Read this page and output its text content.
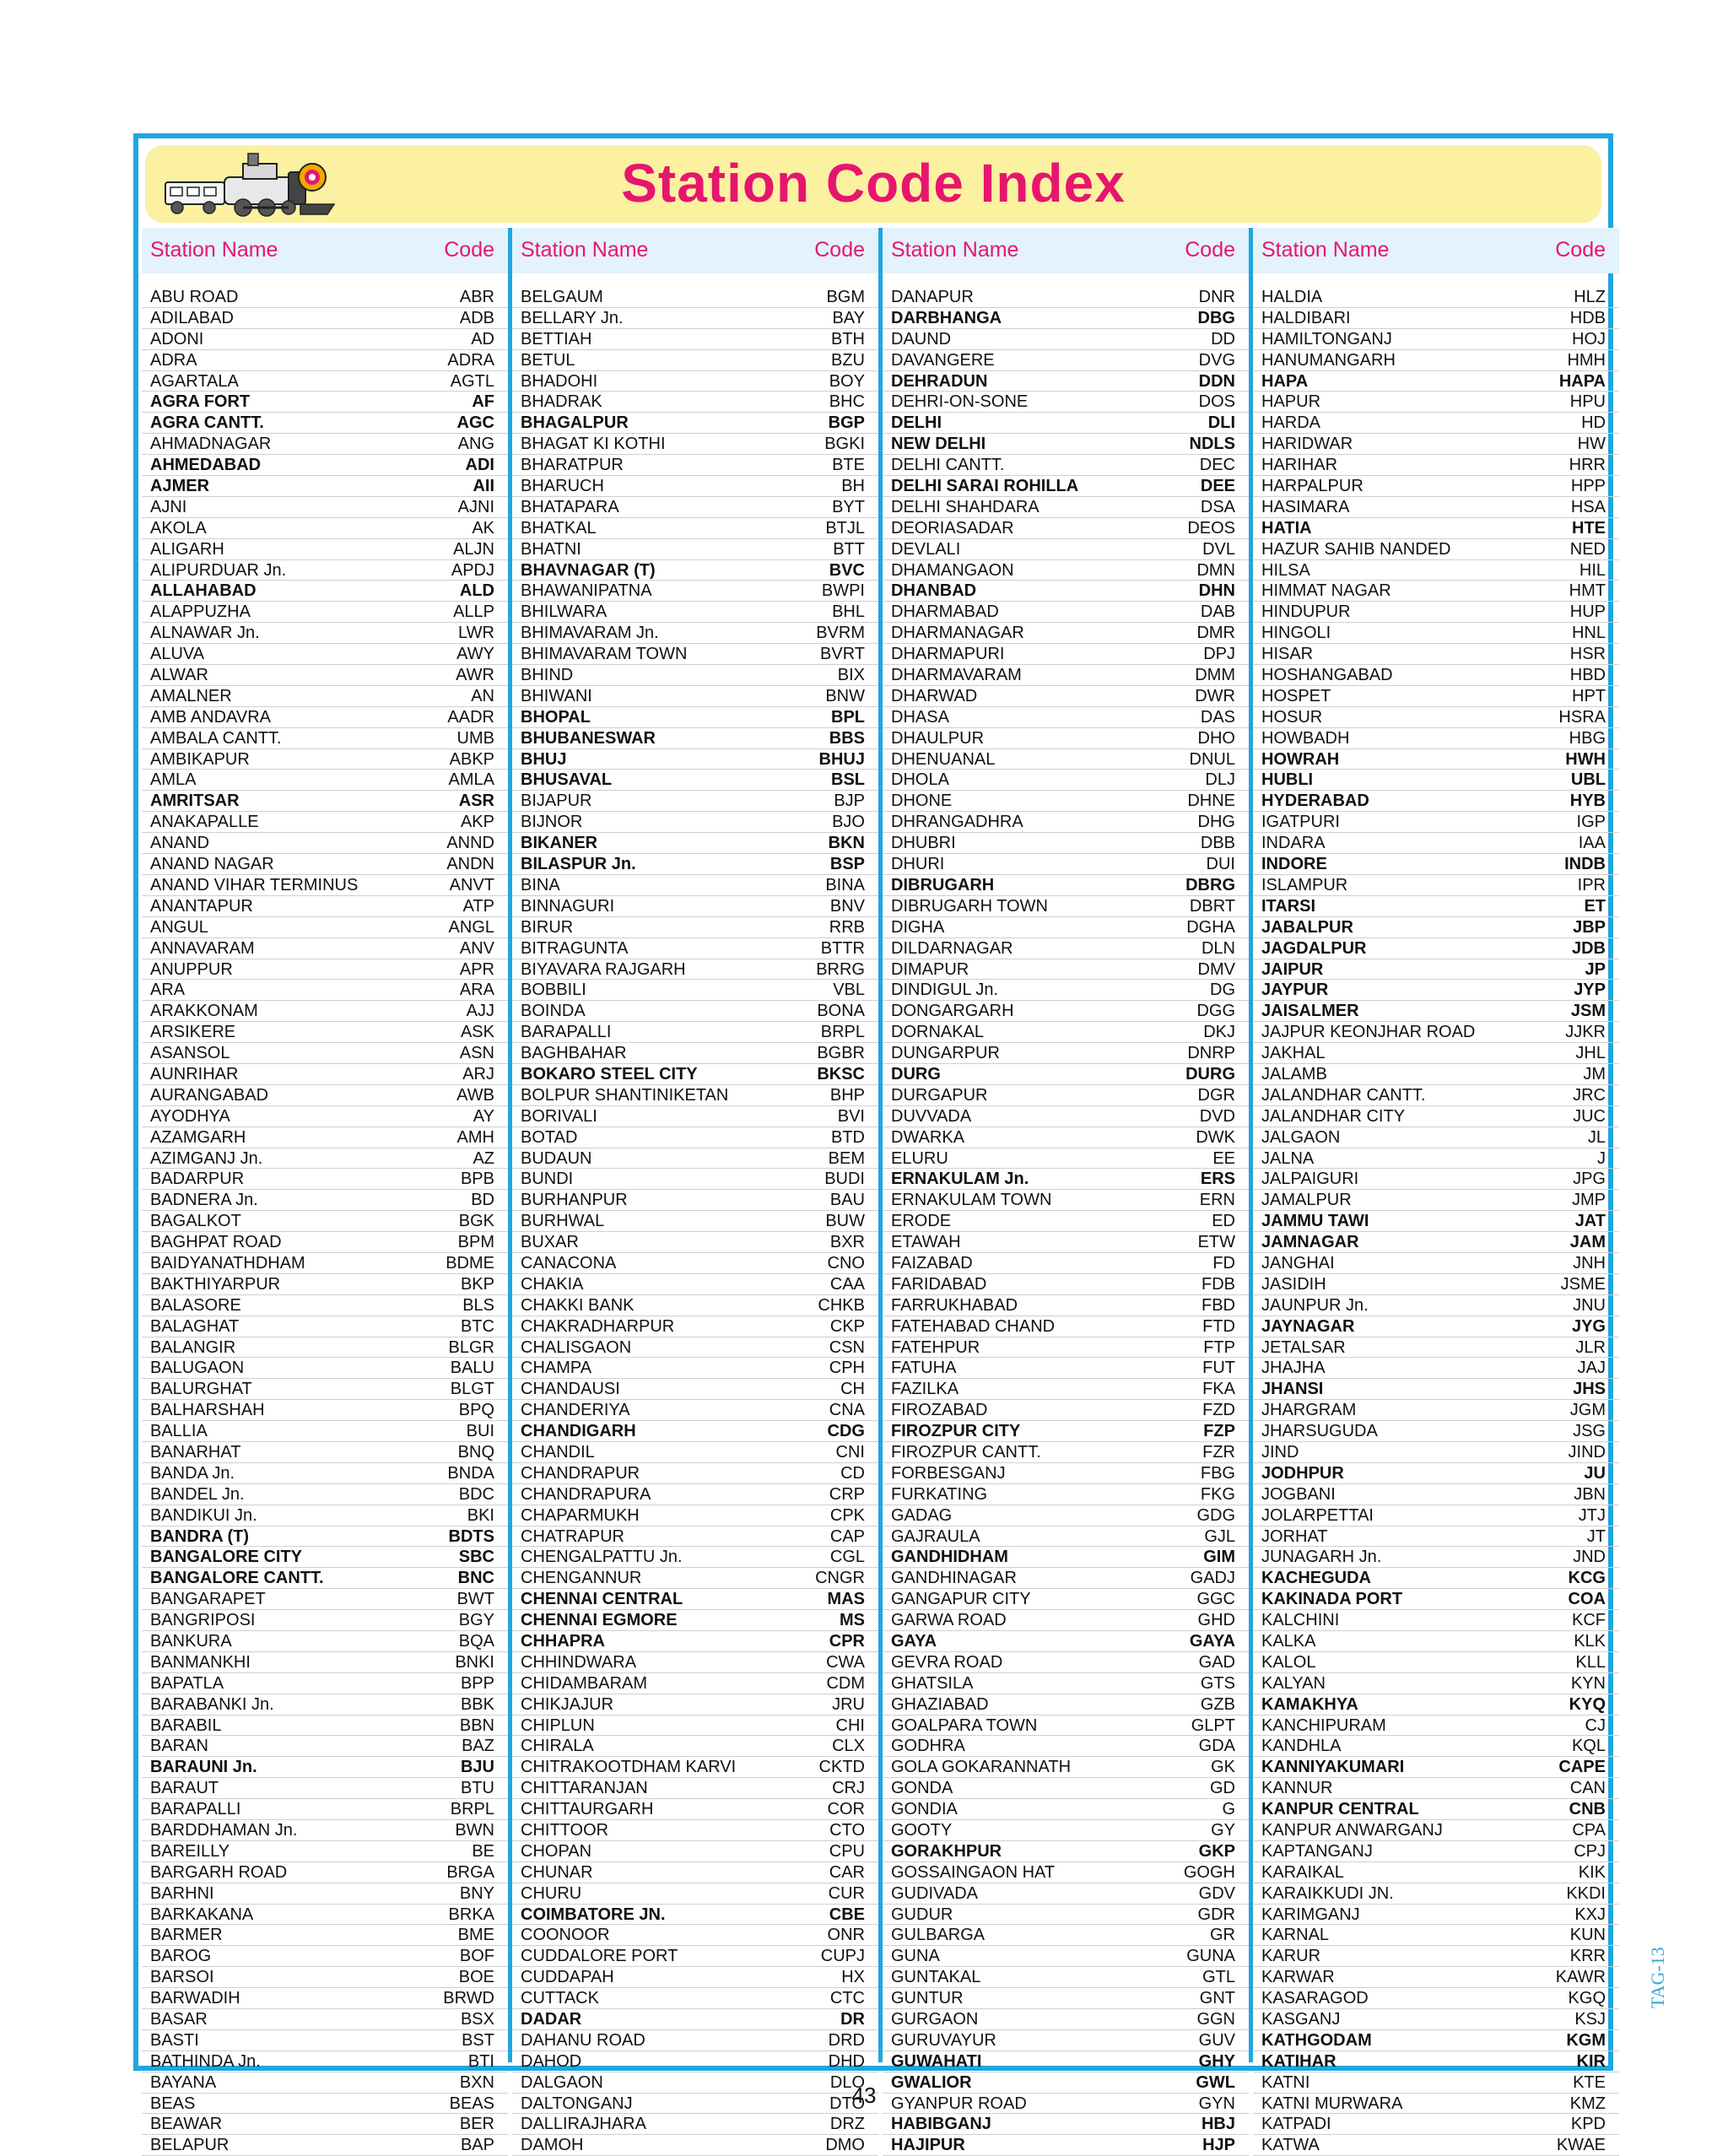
Station Code Index
Station Name	Code
ABU ROAD	ABR
ADILABAD	ADB
ADONI	AD
ADRA	ADRA
AGARTALA	AGTL
AGRA FORT	AF
AGRA CANTT.	AGC
AHMADNAGAR	ANG
AHMEDABAD	ADI
AJMER	AII
AJNI	AJNI
AKOLA	AK
ALIGARH	ALJN
ALIPURDUAR Jn.	APDJ
ALLAHABAD	ALD
ALAPPUZHA	ALLP
ALNAWAR Jn.	LWR
ALUVA	AWY
ALWAR	AWR
AMALNER	AN
AMB ANDAVRA	AADR
AMBALA CANTT.	UMB
AMBIKAPUR	ABKP
AMLA	AMLA
AMRITSAR	ASR
ANAKAPALLE	AKP
ANAND	ANND
ANAND NAGAR	ANDN
ANAND VIHAR TERMINUS	ANVT
ANANTAPUR	ATP
ANGUL	ANGL
ANNAVARAM	ANV
ANUPPUR	APR
ARA	ARA
ARAKKONAM	AJJ
ARSIKERE	ASK
ASANSOL	ASN
AUNRIHAR	ARJ
AURANGABAD	AWB
AYODHYA	AY
AZAMGARH	AMH
AZIMGANJ Jn.	AZ
BADARPUR	BPB
BADNERA Jn.	BD
BAGALKOT	BGK
BAGHPAT ROAD	BPM
BAIDYANATHDHAM	BDME
BAKTHIYARPUR	BKP
BALASORE	BLS
BALAGHAT	BTC
BALANGIR	BLGR
BALUGAON	BALU
BALURGHAT	BLGT
BALHARSHAH	BPQ
BALLIA	BUI
BANARHAT	BNQ
BANDA Jn.	BNDA
BANDEL Jn.	BDC
BANDIKUI Jn.	BKI
BANDRA (T)	BDTS
BANGALORE CITY	SBC
BANGALORE CANTT.	BNC
BANGARAPET	BWT
BANGRIPOSI	BGY
BANKURA	BQA
BANMANKHI	BNKI
BAPATLA	BPP
BARABANKI Jn.	BBK
BARABIL	BBN
BARAN	BAZ
BARAUNI Jn.	BJU
BARAUT	BTU
BARAPALLI	BRPL
BARDDHAMAN Jn.	BWN
BAREILLY	BE
BARGARH ROAD	BRGA
BARHNI	BNY
BARKAKANA	BRKA
BARMER	BME
BAROG	BOF
BARSOI	BOE
BARWADIH	BRWD
BASAR	BSX
BASTI	BST
BATHINDA Jn.	BTI
BAYANA	BXN
BEAS	BEAS
BEAWAR	BER
BELAPUR	BAP
Station Name	Code
BELGAUM	BGM
BELLARY Jn.	BAY
BETTIAH	BTH
BETUL	BZU
BHADOHI	BOY
BHADRAK	BHC
BHAGALPUR	BGP
BHAGAT KI KOTHI	BGKI
BHARATPUR	BTE
BHARUCH	BH
BHATAPARA	BYT
BHATKAL	BTJL
BHATNI	BTT
BHAVNAGAR (T)	BVC
BHAWANIPATNA	BWPI
BHILWARA	BHL
BHIMAVARAM Jn.	BVRM
BHIMAVARAM TOWN	BVRT
BHIND	BIX
BHIWANI	BNW
BHOPAL	BPL
BHUBANESWAR	BBS
BHUJ	BHUJ
BHUSAVAL	BSL
BIJAPUR	BJP
BIJNOR	BJO
BIKANER	BKN
BILASPUR Jn.	BSP
BINA	BINA
BINNAGURI	BNV
BIRUR	RRB
BITRAGUNTA	BTTR
BIYAVARA RAJGARH	BRRG
BOBBILI	VBL
BOINDA	BONA
BARAPALLI	BRPL
BAGHBAHAR	BGBR
BOKARO STEEL CITY	BKSC
BOLPUR SHANTINIKETAN	BHP
BORIVALI	BVI
BOTAD	BTD
BUDAUN	BEM
BUNDI	BUDI
BURHANPUR	BAU
BURHWAL	BUW
BUXAR	BXR
CANACONA	CNO
CHAKIA	CAA
CHAKKI BANK	CHKB
CHAKRADHARPUR	CKP
CHALISGAON	CSN
CHAMPA	CPH
CHANDAUSI	CH
CHANDERIYA	CNA
CHANDIGARH	CDG
CHANDIL	CNI
CHANDRAPUR	CD
CHANDRAPURA	CRP
CHAPARMUKH	CPK
CHATRAPUR	CAP
CHENGALPATTU Jn.	CGL
CHENGANNUR	CNGR
CHENNAI CENTRAL	MAS
CHENNAI EGMORE	MS
CHHAPRA	CPR
CHHINDWARA	CWA
CHIDAMBARAM	CDM
CHIKJAJUR	JRU
CHIPLUN	CHI
CHIRALA	CLX
CHITRAKOOTDHAM KARVI	CKTD
CHITTARANJAN	CRJ
CHITTAURGARH	COR
CHITTOOR	CTO
CHOPAN	CPU
CHUNAR	CAR
CHURU	CUR
COIMBATORE JN.	CBE
COONOOR	ONR
CUDDALORE PORT	CUPJ
CUDDAPAH	HX
CUTTACK	CTC
DADAR	DR
DAHANU ROAD	DRD
DAHOD	DHD
DALGAON	DLO
DALTONGANJ	DTO
DALLIRAJHARA	DRZ
DAMOH	DMO
Station Name	Code
DANAPUR	DNR
DARBHANGA	DBG
DAUND	DD
DAVANGERE	DVG
DEHRADUN	DDN
DEHRI-ON-SONE	DOS
DELHI	DLI
NEW DELHI	NDLS
DELHI CANTT.	DEC
DELHI SARAI ROHILLA	DEE
DELHI SHAHDARA	DSA
DEORIASADAR	DEOS
DEVLALI	DVL
DHAMANGAON	DMN
DHANBAD	DHN
DHARMABAD	DAB
DHARMANAGAR	DMR
DHARMAPURI	DPJ
DHARMAVARAM	DMM
DHARWAD	DWR
DHASA	DAS
DHAULPUR	DHO
DHENUANAL	DNUL
DHOLA	DLJ
DHONE	DHNE
DHRANGADHRA	DHG
DHUBRI	DBB
DHURI	DUI
DIBRUGARH	DBRG
DIBRUGARH TOWN	DBRT
DIGHA	DGHA
DILDARNAGAR	DLN
DIMAPUR	DMV
DINDIGUL Jn.	DG
DONGARGARH	DGG
DORNAKAL	DKJ
DUNGARPUR	DNRP
DURG	DURG
DURGAPUR	DGR
DUVVADA	DVD
DWARKA	DWK
ELURU	EE
ERNAKULAM Jn.	ERS
ERNAKULAM TOWN	ERN
ERODE	ED
ETAWAH	ETW
FAIZABAD	FD
FARIDABAD	FDB
FARRUKHABAD	FBD
FATEHABAD CHAND	FTD
FATEHPUR	FTP
FATUHA	FUT
FAZILKA	FKA
FIROZABAD	FZD
FIROZPUR CITY	FZP
FIROZPUR CANTT.	FZR
FORBESGANJ	FBG
FURKATING	FKG
GADAG	GDG
GAJRAULA	GJL
GANDHIDHAM	GIM
GANDHINAGAR	GADJ
GANGAPUR CITY	GGC
GARWA ROAD	GHD
GAYA	GAYA
GEVRA ROAD	GAD
GHATSILA	GTS
GHAZIABAD	GZB
GOALPARA TOWN	GLPT
GODHRA	GDA
GOLA GOKARANNATH	GK
GONDA	GD
GONDIA	G
GOOTY	GY
GORAKHPUR	GKP
GOSSAINGAON HAT	GOGH
GUDIVADA	GDV
GUDUR	GDR
GULBARGA	GR
GUNA	GUNA
GUNTAKAL	GTL
GUNTUR	GNT
GURGAON	GGN
GURUVAYUR	GUV
GUWAHATI	GHY
GWALIOR	GWL
GYANPUR ROAD	GYN
HABIBGANJ	HBJ
HAJIPUR	HJP
Station Name	Code
HALDIA	HLZ
HALDIBARI	HDB
HAMILTONGANJ	HOJ
HANUMANGARH	HMH
HAPA	HAPA
HAPUR	HPU
HARDA	HD
HARIDWAR	HW
HARIHAR	HRR
HARPALPUR	HPP
HASIMARA	HSA
HATIA	HTE
HAZUR SAHIB NANDED	NED
HILSA	HIL
HIMMAT NAGAR	HMT
HINDUPUR	HUP
HINGOLI	HNL
HISAR	HSR
HOSHANGABAD	HBD
HOSPET	HPT
HOSUR	HSRA
HOWBADH	HBG
HOWRAH	HWH
HUBLI	UBL
HYDERABAD	HYB
IGATPURI	IGP
INDARA	IAA
INDORE	INDB
ISLAMPUR	IPR
ITARSI	ET
JABALPUR	JBP
JAGDALPUR	JDB
JAIPUR	JP
JAYPUR	JYP
JAISALMER	JSM
JAJPUR KEONJHAR ROAD	JJKR
JAKHAL	JHL
JALAMB	JM
JALANDHAR CANTT.	JRC
JALANDHAR CITY	JUC
JALGAON	JL
JALNA	J
JALPAIGURI	JPG
JAMALPUR	JMP
JAMMU TAWI	JAT
JAMNAGAR	JAM
JANGHAI	JNH
JASIDIH	JSME
JAUNPUR Jn.	JNU
JAYNAGAR	JYG
JETALSAR	JLR
JHAJHA	JAJ
JHANSI	JHS
JHARGRAM	JGM
JHARSUGUDA	JSG
JIND	JIND
JODHPUR	JU
JOGBANI	JBN
JOLARPETTAI	JTJ
JORHAT	JT
JUNAGARH Jn.	JND
KACHEGUDA	KCG
KAKINADA PORT	COA
KALCHINI	KCF
KALKA	KLK
KALOL	KLL
KALYAN	KYN
KAMAKHYA	KYQ
KANCHIPURAM	CJ
KANDHLA	KQL
KANNIYAKUMARI	CAPE
KANNUR	CAN
KANPUR CENTRAL	CNB
KANPUR ANWARGANJ	CPA
KAPTANGANJ	CPJ
KARAIKAL	KIK
KARAIKKUDI JN.	KKDI
KARIMGANJ	KXJ
KARNAL	KUN
KARUR	KRR
KARWAR	KAWR
KASARAGOD	KGQ
KASGANJ	KSJ
KATHGODAM	KGM
KATIHAR	KIR
KATNI	KTE
KATNI MURWARA	KMZ
KATPADI	KPD
KATWA	KWAE
43
TAG-13
